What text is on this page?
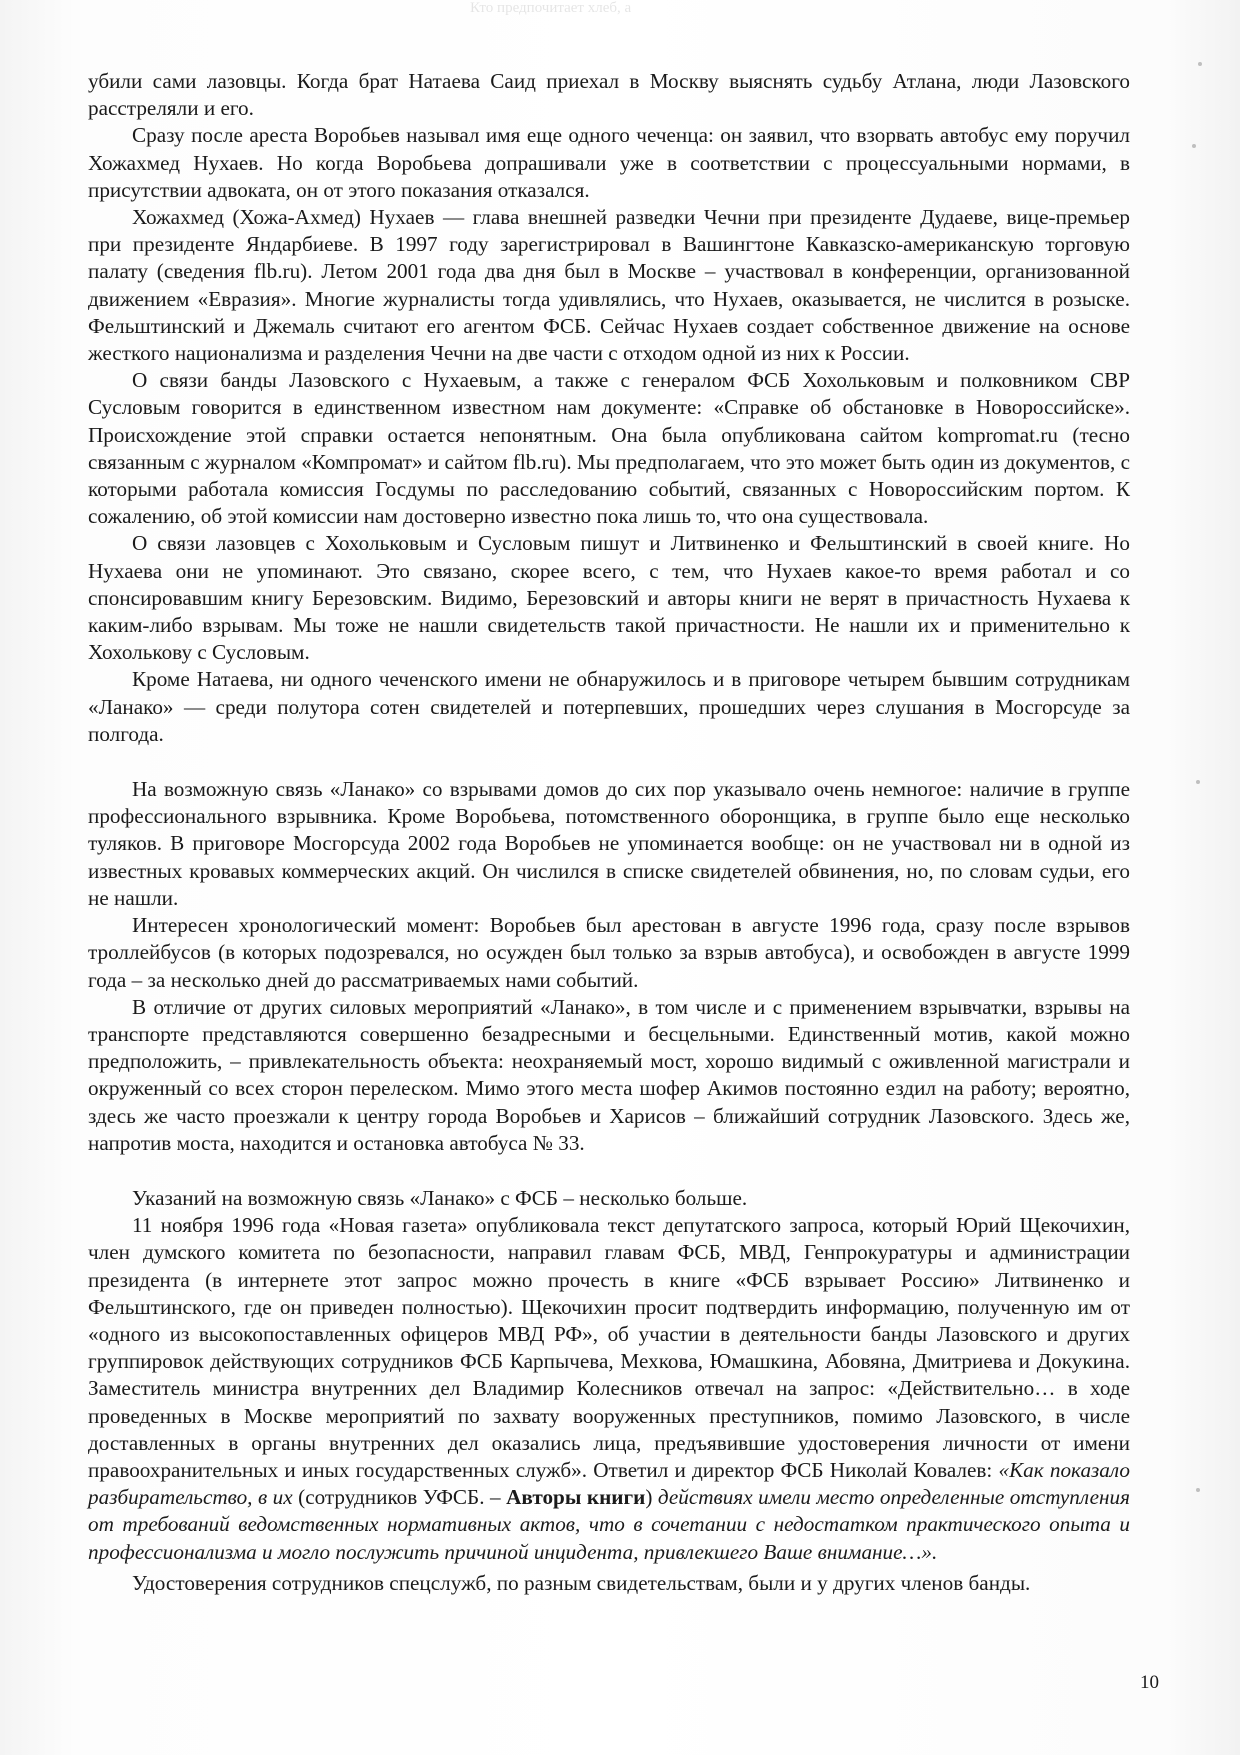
Кто предпочитает хлеб, а

убили сами лазовцы. Когда брат Натаева Саид приехал в Москву выяснять судьбу Атлана, люди Лазовского расстреляли и его.

Сразу после ареста Воробьев называл имя еще одного чеченца: он заявил, что взорвать автобус ему поручил Хожахмед Нухаев. Но когда Воробьева допрашивали уже в соответствии с процессуальными нормами, в присутствии адвоката, он от этого показания отказался.

Хожахмед (Хожа-Ахмед) Нухаев — глава внешней разведки Чечни при президенте Дудаеве, вице-премьер при президенте Яндарбиеве. В 1997 году зарегистрировал в Вашингтоне Кавказско-американскую торговую палату (сведения flb.ru). Летом 2001 года два дня был в Москве – участвовал в конференции, организованной движением «Евразия». Многие журналисты тогда удивлялись, что Нухаев, оказывается, не числится в розыске. Фельштинский и Джемаль считают его агентом ФСБ. Сейчас Нухаев создает собственное движение на основе жесткого национализма и разделения Чечни на две части с отходом одной из них к России.

О связи банды Лазовского с Нухаевым, а также с генералом ФСБ Хохольковым и полковником СВР Сусловым говорится в единственном известном нам документе: «Справке об обстановке в Новороссийске». Происхождение этой справки остается непонятным. Она была опубликована сайтом kompromat.ru (тесно связанным с журналом «Компромат» и сайтом flb.ru). Мы предполагаем, что это может быть один из документов, с которыми работала комиссия Госдумы по расследованию событий, связанных с Новороссийским портом. К сожалению, об этой комиссии нам достоверно известно пока лишь то, что она существовала.

О связи лазовцев с Хохольковым и Сусловым пишут и Литвиненко и Фельштинский в своей книге. Но Нухаева они не упоминают. Это связано, скорее всего, с тем, что Нухаев какое-то время работал и со спонсировавшим книгу Березовским. Видимо, Березовский и авторы книги не верят в причастность Нухаева к каким-либо взрывам. Мы тоже не нашли свидетельств такой причастности. Не нашли их и применительно к Хохолькову с Сусловым.

Кроме Натаева, ни одного чеченского имени не обнаружилось и в приговоре четырем бывшим сотрудникам «Ланако» — среди полутора сотен свидетелей и потерпевших, прошедших через слушания в Мосгорсуде за полгода.

На возможную связь «Ланако» со взрывами домов до сих пор указывало очень немногое: наличие в группе профессионального взрывника. Кроме Воробьева, потомственного оборонщика, в группе было еще несколько туляков. В приговоре Мосгорсуда 2002 года Воробьев не упоминается вообще: он не участвовал ни в одной из известных кровавых коммерческих акций. Он числился в списке свидетелей обвинения, но, по словам судьи, его не нашли.

Интересен хронологический момент: Воробьев был арестован в августе 1996 года, сразу после взрывов троллейбусов (в которых подозревался, но осужден был только за взрыв автобуса), и освобожден в августе 1999 года – за несколько дней до рассматриваемых нами событий.

В отличие от других силовых мероприятий «Ланако», в том числе и с применением взрывчатки, взрывы на транспорте представляются совершенно безадресными и бесцельными. Единственный мотив, какой можно предположить, – привлекательность объекта: неохраняемый мост, хорошо видимый с оживленной магистрали и окруженный со всех сторон перелеском. Мимо этого места шофер Акимов постоянно ездил на работу; вероятно, здесь же часто проезжали к центру города Воробьев и Харисов – ближайший сотрудник Лазовского. Здесь же, напротив моста, находится и остановка автобуса № 33.

Указаний на возможную связь «Ланако» с ФСБ – несколько больше.

11 ноября 1996 года «Новая газета» опубликовала текст депутатского запроса, который Юрий Щекочихин, член думского комитета по безопасности, направил главам ФСБ, МВД, Генпрокуратуры и администрации президента (в интернете этот запрос можно прочесть в книге «ФСБ взрывает Россию» Литвиненко и Фельштинского, где он приведен полностью). Щекочихин просит подтвердить информацию, полученную им от «одного из высокопоставленных офицеров МВД РФ», об участии в деятельности банды Лазовского и других группировок действующих сотрудников ФСБ Карпычева, Мехкова, Юмашкина, Абовяна, Дмитриева и Докукина. Заместитель министра внутренних дел Владимир Колесников отвечал на запрос: «Действительно… в ходе проведенных в Москве мероприятий по захвату вооруженных преступников, помимо Лазовского, в числе доставленных в органы внутренних дел оказались лица, предъявившие удостоверения личности от имени правоохранительных и иных государственных служб». Ответил и директор ФСБ Николай Ковалев: «Как показало разбирательство, в их (сотрудников УФСБ. – Авторы книги) действиях имели место определенные отступления от требований ведомственных нормативных актов, что в сочетании с недостатком практического опыта и профессионализма и могло послужить причиной инцидента, привлекшего Ваше внимание…».

Удостоверения сотрудников спецслужб, по разным свидетельствам, были и у других членов банды.

10
